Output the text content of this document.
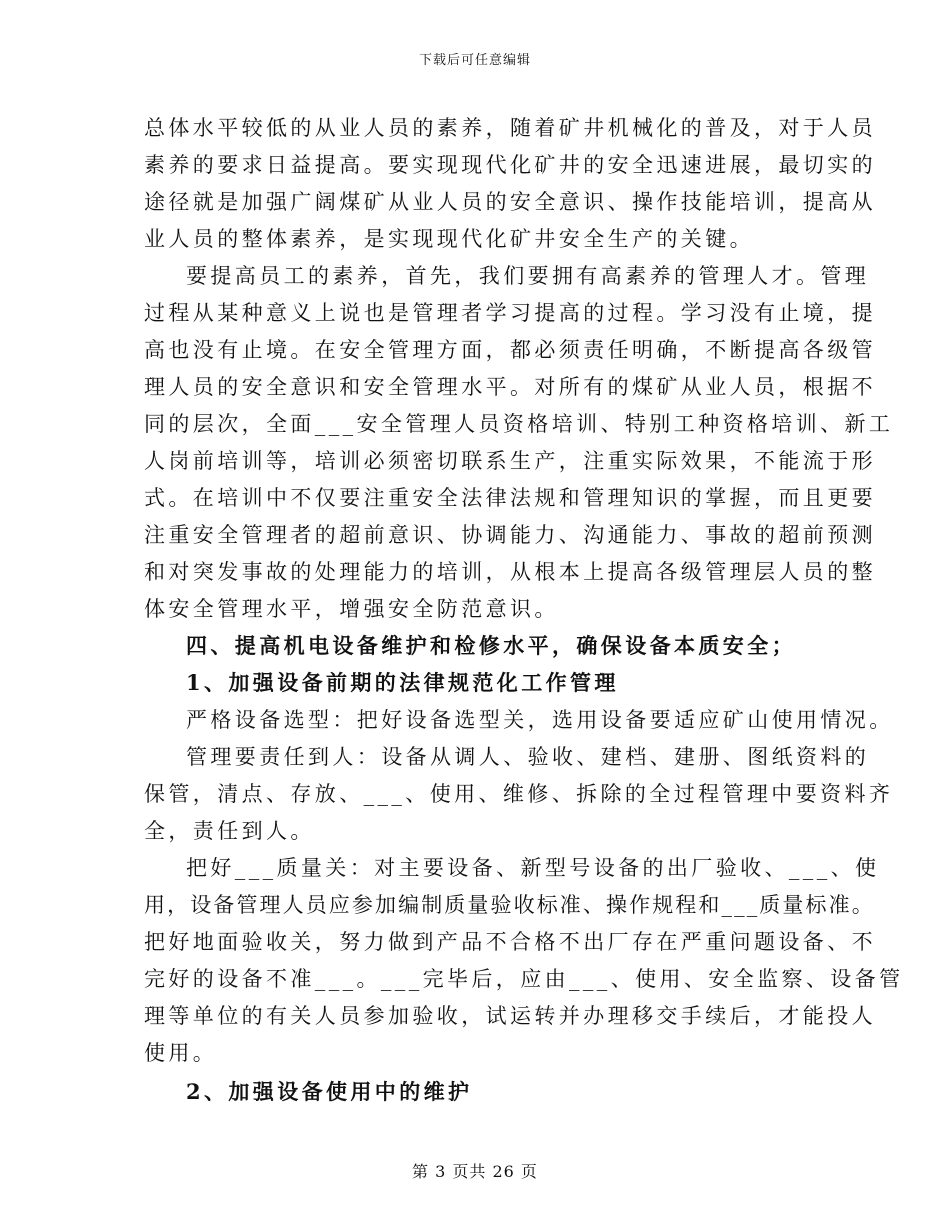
下载后可任意编辑
总体水平较低的从业人员的素养，随着矿井机械化的普及，对于人员
素养的要求日益提高。要实现现代化矿井的安全迅速进展，最切实的
途径就是加强广阔煤矿从业人员的安全意识、操作技能培训，提高从
业人员的整体素养，是实现现代化矿井安全生产的关键。
要提高员工的素养，首先，我们要拥有高素养的管理人才。管理
过程从某种意义上说也是管理者学习提高的过程。学习没有止境，提
高也没有止境。在安全管理方面，都必须责任明确，不断提高各级管
理人员的安全意识和安全管理水平。对所有的煤矿从业人员，根据不
同的层次，全面___安全管理人员资格培训、特别工种资格培训、新工
人岗前培训等，培训必须密切联系生产，注重实际效果，不能流于形
式。在培训中不仅要注重安全法律法规和管理知识的掌握，而且更要
注重安全管理者的超前意识、协调能力、沟通能力、事故的超前预测
和对突发事故的处理能力的培训，从根本上提高各级管理层人员的整
体安全管理水平，增强安全防范意识。
四、提高机电设备维护和检修水平，确保设备本质安全；
1、加强设备前期的法律规范化工作管理
严格设备选型：把好设备选型关，选用设备要适应矿山使用情况。
管理要责任到人：设备从调人、验收、建档、建册、图纸资料的
保管，清点、存放、___、使用、维修、拆除的全过程管理中要资料齐
全，责任到人。
把好___质量关：对主要设备、新型号设备的出厂验收、___、使
用，设备管理人员应参加编制质量验收标准、操作规程和___质量标准。
把好地面验收关，努力做到产品不合格不出厂存在严重问题设备、不
完好的设备不准___。___完毕后，应由___、使用、安全监察、设备管
理等单位的有关人员参加验收，试运转并办理移交手续后，才能投人
使用。
2、加强设备使用中的维护
第 3 页共 26 页
